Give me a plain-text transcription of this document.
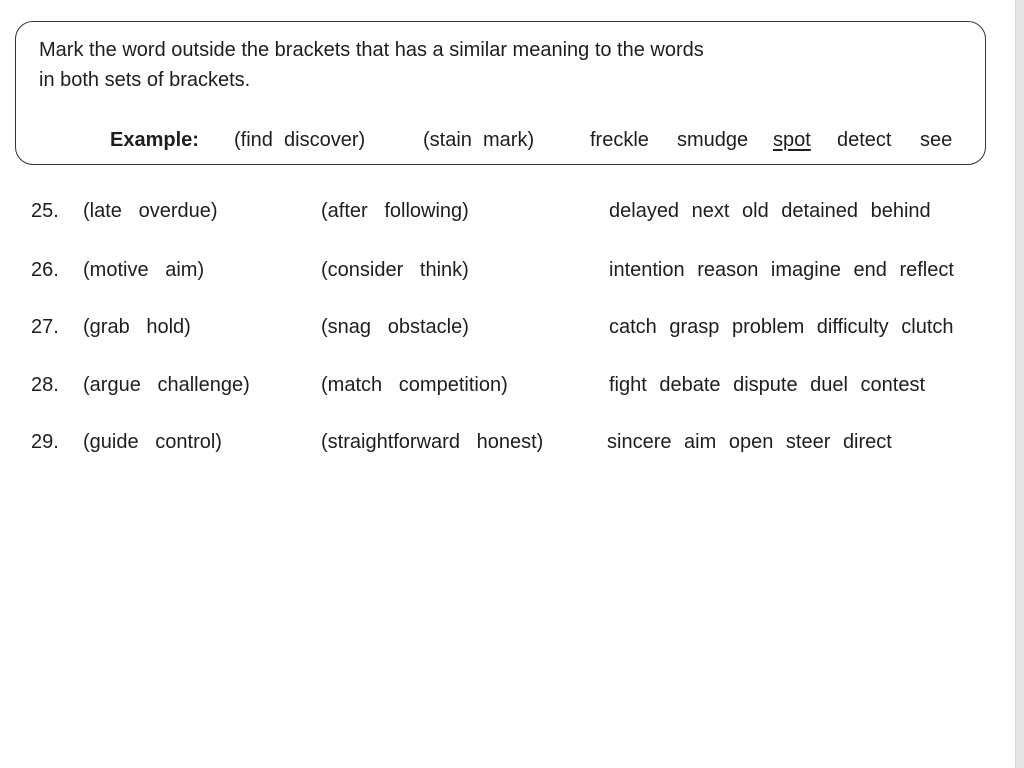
Mark the word outside the brackets that has a similar meaning to the words
in both sets of brackets.
Example: (find  discover)	(stain  mark)	freckle smudge spot detect see
25. (late   overdue)	(after   following)	delayed next old detained behind
26. (motive   aim)	(consider   think)	intention reason imagine end reflect
27. (grab   hold)	(snag   obstacle)	catch grasp problem difficulty clutch
28. (argue   challenge)	(match   competition)	fight debate dispute duel contest
29. (guide   control)	(straightforward   honest)	sincere aim open steer direct
